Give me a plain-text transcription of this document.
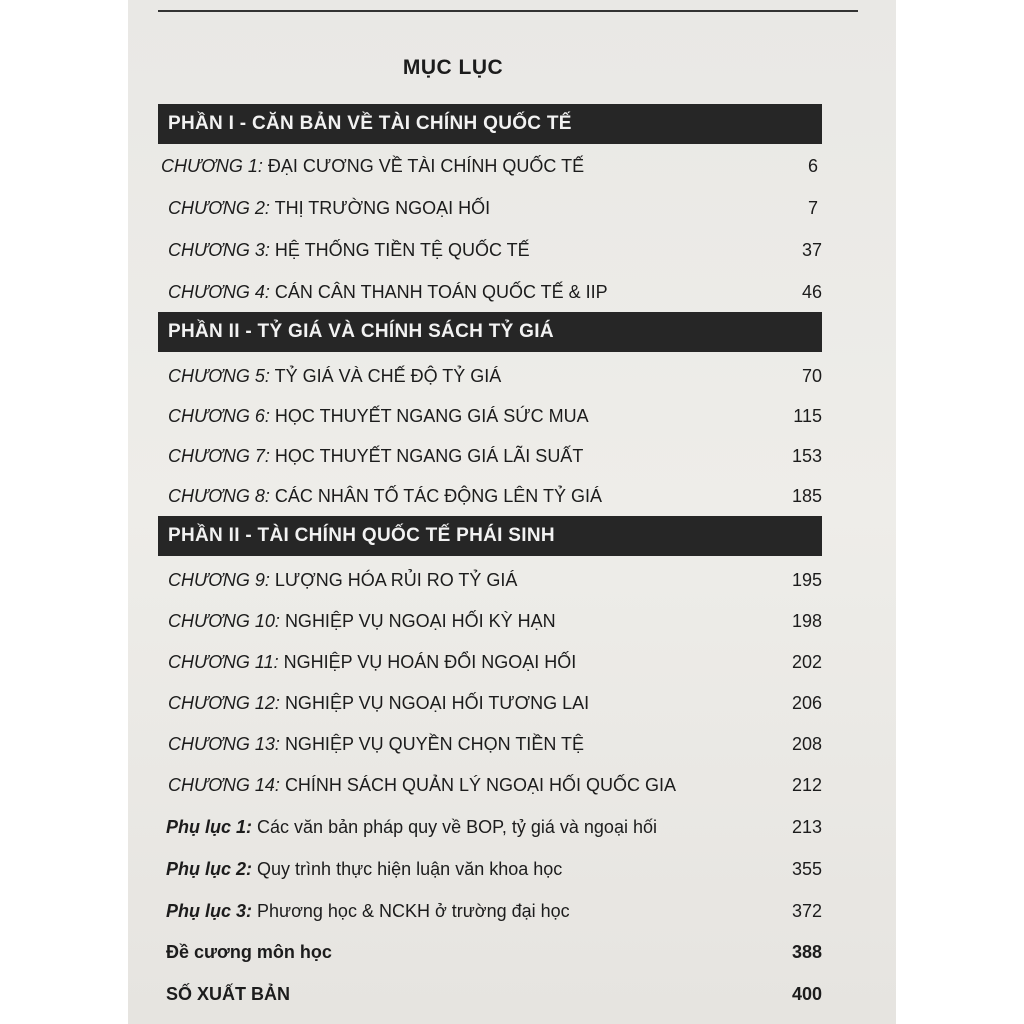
MỤC LỤC
PHẦN I - CĂN BẢN VỀ TÀI CHÍNH QUỐC TẾ
CHƯƠNG 1: ĐẠI CƯƠNG VỀ TÀI CHÍNH QUỐC TẾ	6
CHƯƠNG 2: THỊ TRƯỜNG NGOẠI HỐI	7
CHƯƠNG 3: HỆ THỐNG TIỀN TỆ QUỐC TẾ	37
CHƯƠNG 4: CÁN CÂN THANH TOÁN QUỐC TẾ & IIP	46
PHẦN II - TỶ GIÁ VÀ CHÍNH SÁCH TỶ GIÁ
CHƯƠNG 5: TỶ GIÁ VÀ CHẾ ĐỘ TỶ GIÁ	70
CHƯƠNG 6: HỌC THUYẾT NGANG GIÁ SỨC MUA	115
CHƯƠNG 7: HỌC THUYẾT NGANG GIÁ LÃI SUẤT	153
CHƯƠNG 8: CÁC NHÂN TỐ TÁC ĐỘNG LÊN TỶ GIÁ	185
PHẦN II - TÀI CHÍNH QUỐC TẾ PHÁI SINH
CHƯƠNG 9: LƯỢNG HÓA RỦI RO TỶ GIÁ	195
CHƯƠNG 10: NGHIỆP VỤ NGOẠI HỐI KỲ HẠN	198
CHƯƠNG 11: NGHIỆP VỤ HOÁN ĐỔI NGOẠI HỐI	202
CHƯƠNG 12: NGHIỆP VỤ NGOẠI HỐI TƯƠNG LAI	206
CHƯƠNG 13: NGHIỆP VỤ QUYỀN CHỌN TIỀN TỆ	208
CHƯƠNG 14: CHÍNH SÁCH QUẢN LÝ NGOẠI HỐI QUỐC GIA	212
Phụ lục 1: Các văn bản pháp quy về BOP, tỷ giá và ngoại hối	213
Phụ lục 2: Quy trình thực hiện luận văn khoa học	355
Phụ lục 3: Phương học & NCKH ở trường đại học	372
Đề cương môn học	388
SỐ XUẤT BẢN	400
